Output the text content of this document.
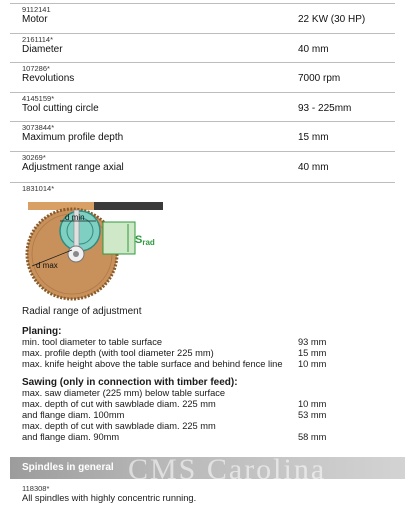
9112141
Motor	22 KW (30 HP)
2161114*
Diameter	40 mm
107286*
Revolutions	7000 rpm
4145159*
Tool cutting circle	93 - 225mm
3073844*
Maximum profile depth	15 mm
30269*
Adjustment range axial	40 mm
1831014*
d min
d max
Srad
Radial range of adjustment
Planing:
min. tool diameter to table surface	93 mm
max. profile depth (with tool diameter 225 mm)	15 mm
max. knife height above the table surface and behind fence line 10 mm
Sawing (only in connection with timber feed):
max. saw diameter (225 mm) below table surface
max. depth of cut with sawblade diam. 225 mm	10 mm
and flange diam. 100mm	53 mm
max. depth of cut with sawblade diam. 225 mm
and flange diam. 90mm	58 mm
CMS Carolina
Spindles in general
118308*
All spindles with highly concentric running.
